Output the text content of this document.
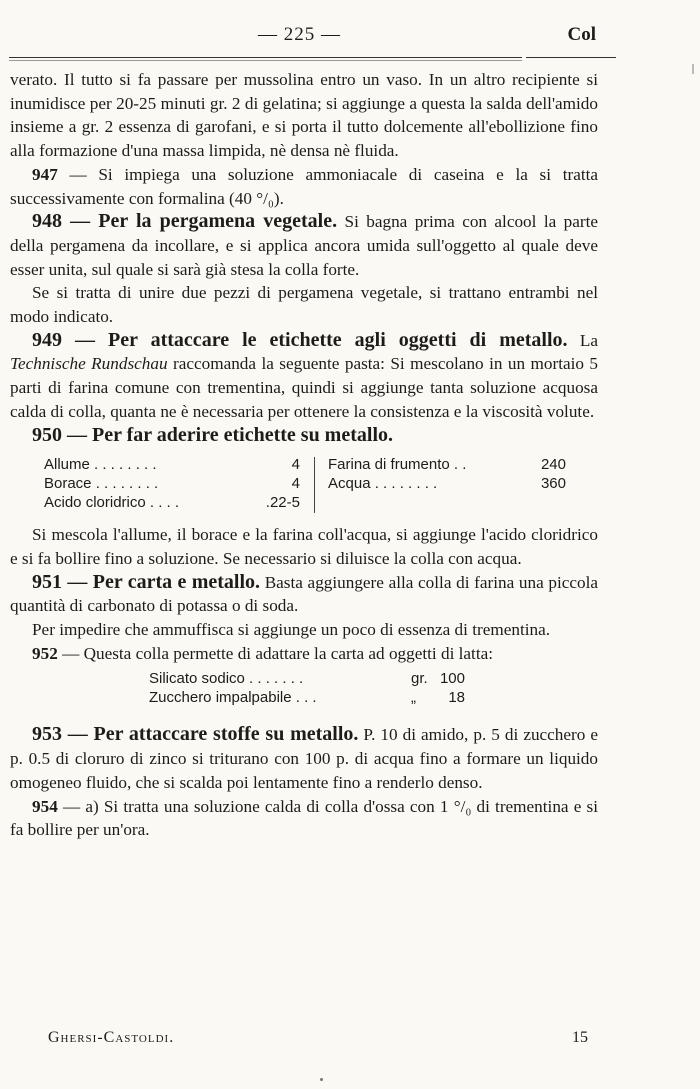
— 225 —	Col

verato. Il tutto si fa passare per mussolina entro un vaso. In un altro recipiente si inumidisce per 20-25 minuti gr. 2 di gelatina; si aggiunge a questa la salda dell'amido insieme a gr. 2 essenza di garofani, e si porta il tutto dolcemente all'ebollizione fino alla formazione d'una massa limpida, nè densa nè fluida.

947 — Si impiega una soluzione ammoniacale di caseina e la si tratta successivamente con formalina (40 °/₀).

948 — Per la pergamena vegetale. Si bagna prima con alcool la parte della pergamena da incollare, e si applica ancora umida sull'oggetto al quale deve esser unita, sul quale si sarà già stesa la colla forte.

Se si tratta di unire due pezzi di pergamena vegetale, si trattano entrambi nel modo indicato.

949 — Per attaccare le etichette agli oggetti di metallo. La Technische Rundschau raccomanda la seguente pasta: Si mescolano in un mortaio 5 parti di farina comune con trementina, quindi si aggiunge tanta soluzione acquosa calda di colla, quanta ne è necessaria per ottenere la consistenza e la viscosità volute.

950 — Per far aderire etichette su metallo.

Allume . . . . . . . .	4
Borace . . . . . . . .	4
Acido cloridrico . . . .	.22-5
Farina di frumento . .	240
Acqua . . . . . . . .	360

Si mescola l'allume, il borace e la farina coll'acqua, si aggiunge l'acido cloridrico e si fa bollire fino a soluzione. Se necessario si diluisce la colla con acqua.

951 — Per carta e metallo. Basta aggiungere alla colla di farina una piccola quantità di carbonato di potassa o di soda.

Per impedire che ammuffisca si aggiunge un poco di essenza di trementina.

952 — Questa colla permette di adattare la carta ad oggetti di latta:

Silicato sodico . . . . . . .	gr. 100
Zucchero impalpabile . . .	„ 18

953 — Per attaccare stoffe su metallo. P. 10 di amido, p. 5 di zucchero e p. 0.5 di cloruro di zinco si triturano con 100 p. di acqua fino a formare un liquido omogeneo fluido, che si scalda poi lentamente fino a renderlo denso.

954 — a) Si tratta una soluzione calda di colla d'ossa con 1 °/₀ di trementina e si fa bollire per un'ora.

Ghersi-Castoldi.	15
